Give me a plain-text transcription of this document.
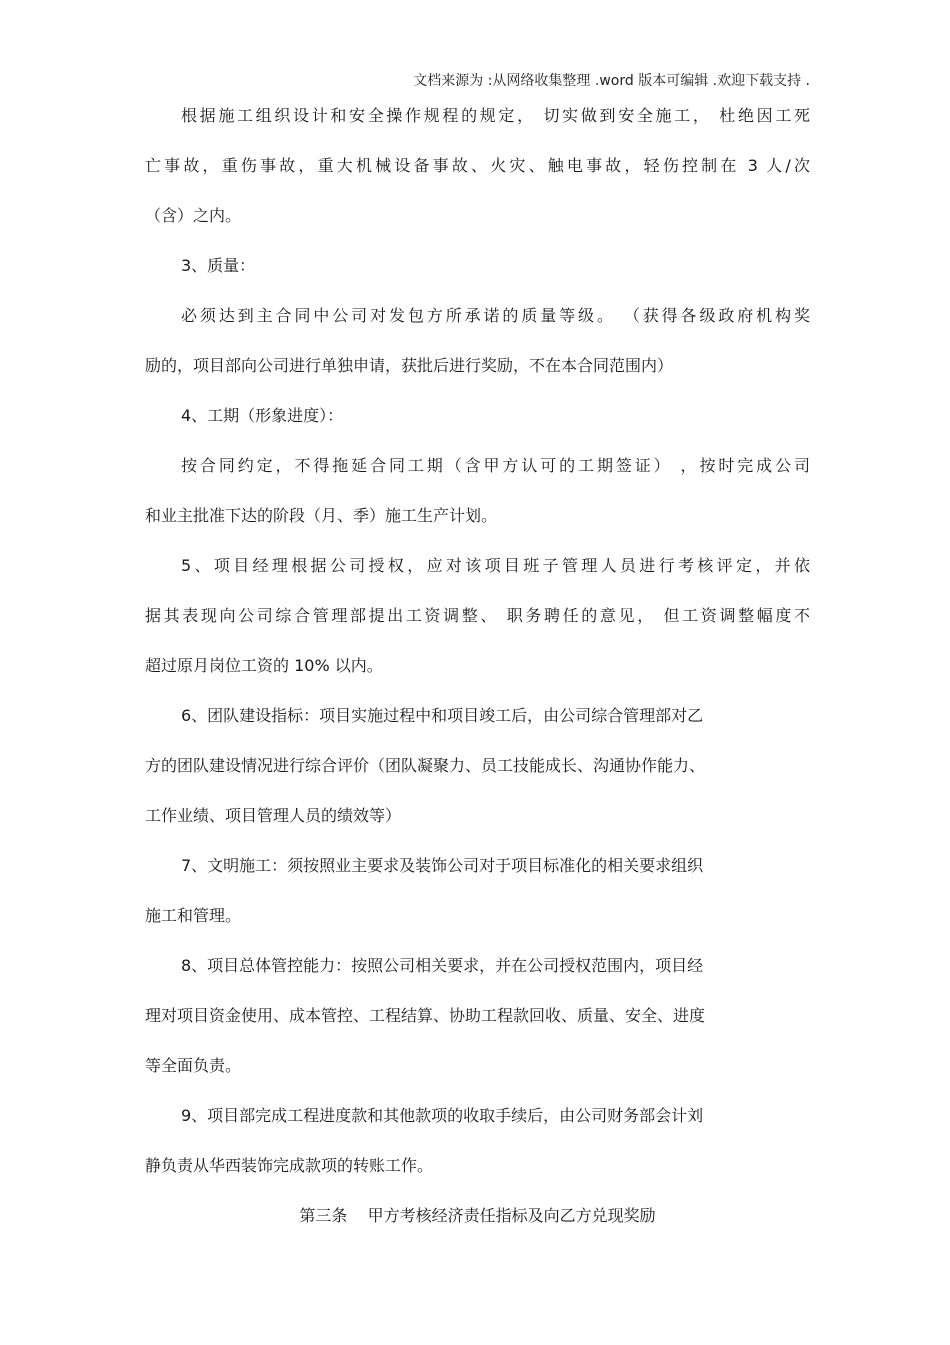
文档来源为 :从网络收集整理 .word 版本可编辑 .欢迎下载支持 .
根据施工组织设计和安全操作规程的规定， 切实做到安全施工， 杜绝因工死
亡事故，重伤事故，重大机械设备事故、火灾、触电事故，轻伤控制在 3 人/次
（含）之内。
3、质量：
必须达到主合同中公司对发包方所承诺的质量等级。 （获得各级政府机构奖
励的，项目部向公司进行单独申请，获批后进行奖励，不在本合同范围内）
4、工期（形象进度）：
按合同约定，不得拖延合同工期（含甲方认可的工期签证） ，按时完成公司
和业主批准下达的阶段（月、季）施工生产计划。
5、项目经理根据公司授权，应对该项目班子管理人员进行考核评定，并依
据其表现向公司综合管理部提出工资调整、 职务聘任的意见， 但工资调整幅度不
超过原月岗位工资的 10% 以内。
6、团队建设指标：项目实施过程中和项目竣工后，由公司综合管理部对乙
方的团队建设情况进行综合评价（团队凝聚力、员工技能成长、沟通协作能力、
工作业绩、项目管理人员的绩效等）
7、文明施工：须按照业主要求及装饰公司对于项目标准化的相关要求组织
施工和管理。
8、项目总体管控能力：按照公司相关要求，并在公司授权范围内，项目经
理对项目资金使用、成本管控、工程结算、协助工程款回收、质量、安全、进度
等全面负责。
9、项目部完成工程进度款和其他款项的收取手续后，由公司财务部会计刘
静负责从华西装饰完成款项的转账工作。
第三条    甲方考核经济责任指标及向乙方兑现奖励
